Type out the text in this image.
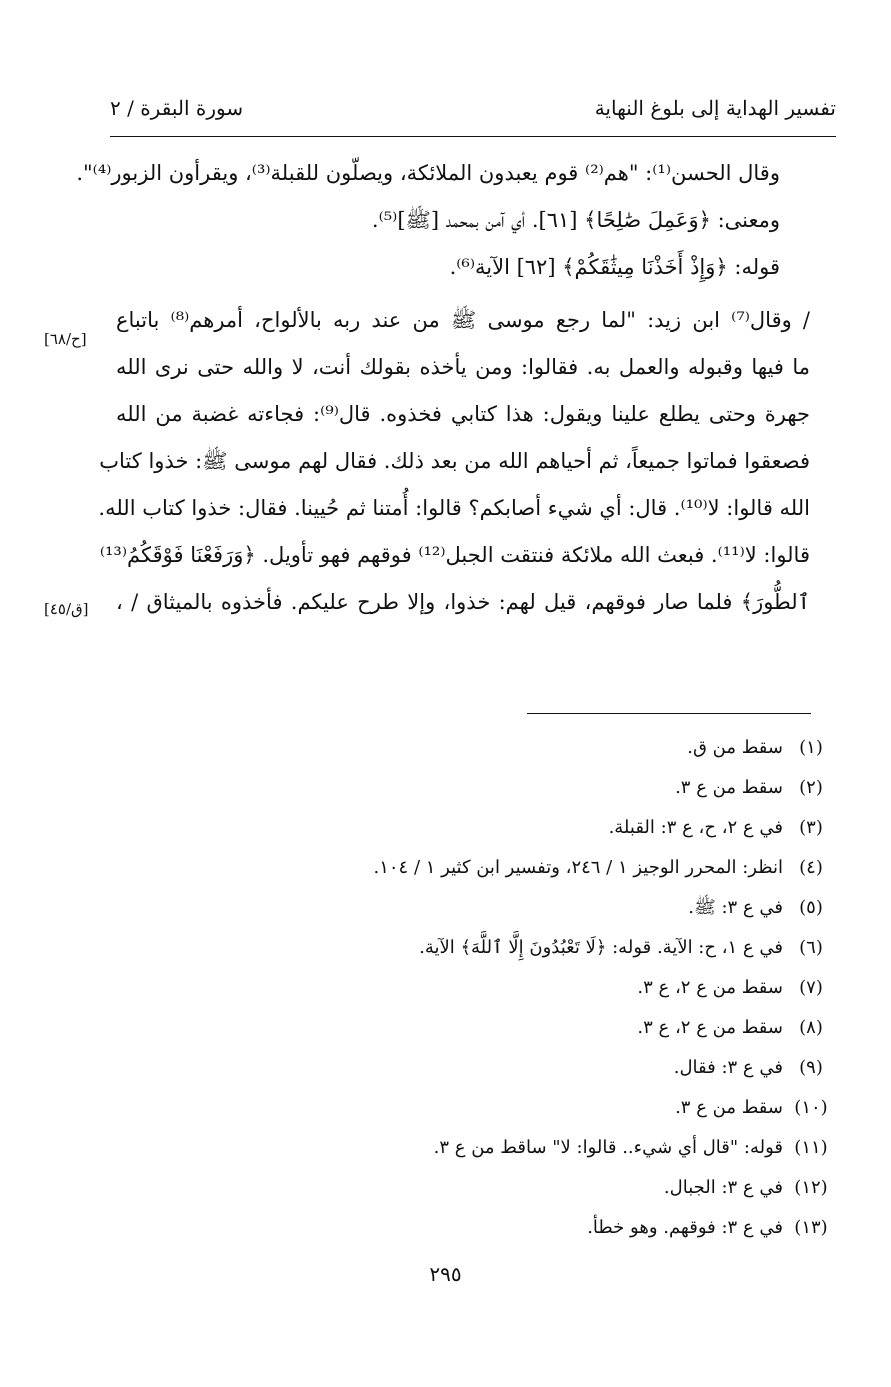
تفسير الهداية إلى بلوغ النهاية
سورة البقرة / ٢
وقال الحسن⁽¹⁾: "هم⁽²⁾ قوم يعبدون الملائكة، ويصلّون للقبلة⁽³⁾، ويقرأون الزبور⁽⁴⁾".
ومعنى: ﴿وَعَمِلَ صَٰلِحًا﴾ [٦١]. أي آمن بمحمد [ﷺ]⁽⁵⁾.
قوله: ﴿وَإِذْ أَخَذْنَا مِيثَٰقَكُمْ﴾ [٦٢] الآية⁽⁶⁾.
/ وقال⁽⁷⁾ ابن زيد: "لما رجع موسى ﷺ من عند ربه بالألواح، أمرهم⁽⁸⁾ باتباع
ما فيها وقبوله والعمل به. فقالوا: ومن يأخذه بقولك أنت، لا والله حتى نرى الله
جهرة وحتى يطلع علينا ويقول: هذا كتابي فخذوه. قال⁽⁹⁾: فجاءته غضبة من الله
فصعقوا فماتوا جميعاً، ثم أحياهم الله من بعد ذلك. فقال لهم موسى ﷺ: خذوا كتاب
الله قالوا: لا⁽¹⁰⁾. قال: أي شيء أصابكم؟ قالوا: أُمتنا ثم حُيينا. فقال: خذوا كتاب الله.
قالوا: لا⁽¹¹⁾. فبعث الله ملائكة فنتقت الجبل⁽¹²⁾ فوقهم فهو تأويل. ﴿وَرَفَعْنَا فَوْقَكُمُ⁽¹³⁾
ٱلطُّورَ﴾ فلما صار فوقهم، قيل لهم: خذوا، وإلا طرح عليكم. فأخذوه بالميثاق / ،
[ح/٦٨]
[ق/٤٥]
(١)
سقط من ق.
(٢)
سقط من ع ٣.
(٣)
في ع ٢، ح، ع ٣: القبلة.
(٤)
انظر: المحرر الوجيز ١ / ٢٤٦، وتفسير ابن كثير ١ / ١٠٤.
(٥)
في ع ٣: ﷺ.
(٦)
في ع ١، ح: الآية. قوله: ﴿لَا تَعْبُدُونَ إِلَّا ٱللَّهَ﴾ الآية.
(٧)
سقط من ع ٢، ع ٣.
(٨)
سقط من ع ٢، ع ٣.
(٩)
في ع ٣: فقال.
(١٠)
سقط من ع ٣.
(١١)
قوله: "قال أي شيء.. قالوا: لا" ساقط من ع ٣.
(١٢)
في ع ٣: الجبال.
(١٣)
في ع ٣: فوقهم. وهو خطأ.
٢٩٥
